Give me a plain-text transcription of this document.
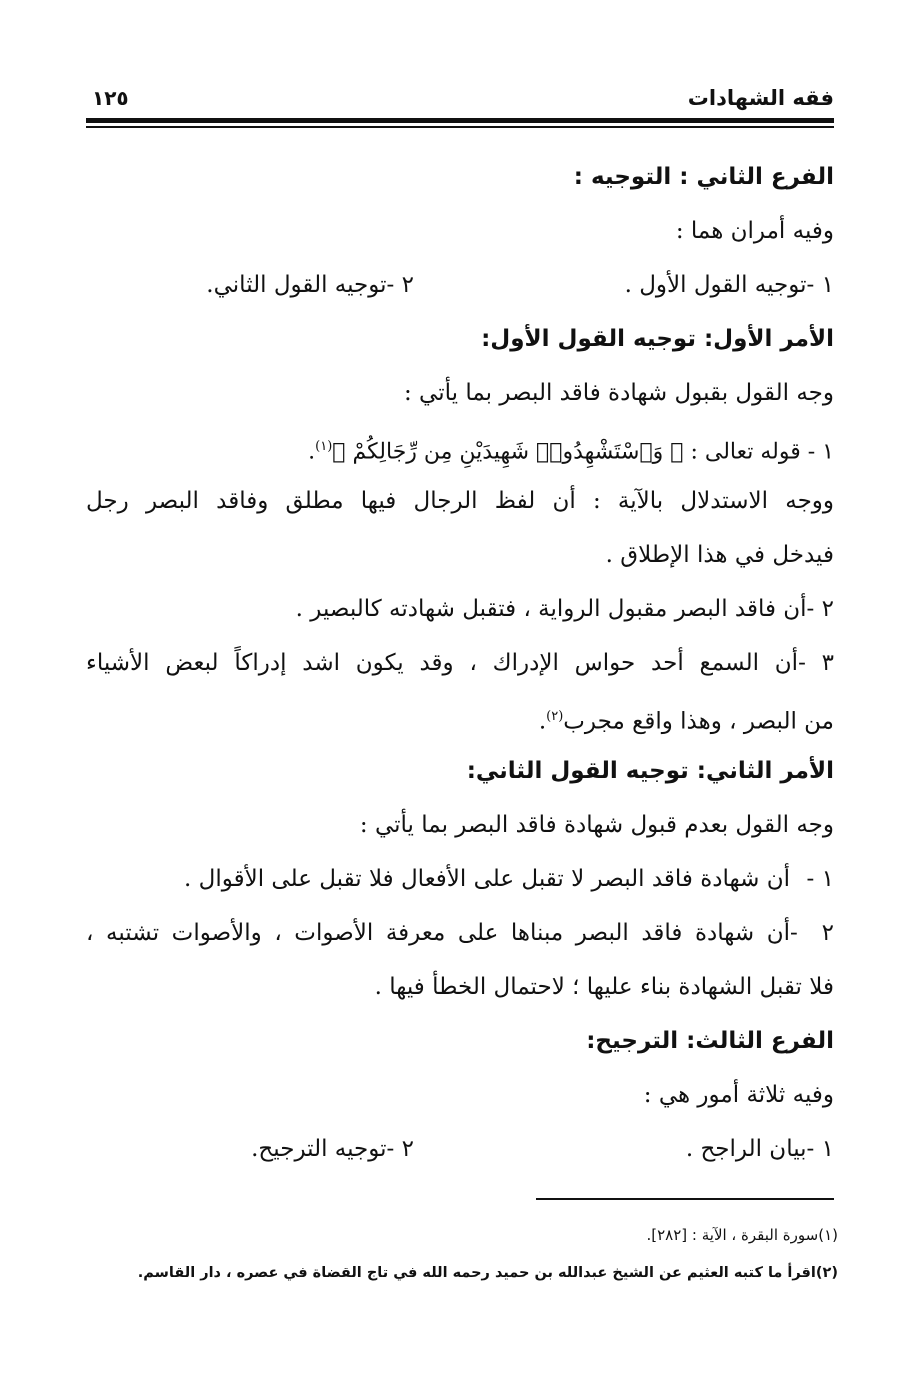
فقه الشهادات
١٢٥
الفرع الثاني : التوجيه :
وفيه أمران هما :
١ -توجيه القول الأول .
٢ -توجيه القول الثاني.
الأمر الأول: توجيه القول الأول:
وجه القول بقبول شهادة فاقد البصر بما يأتي :
١ - قوله تعالى : ﴿ وَٱسْتَشْهِدُوا۟ شَهِيدَيْنِ مِن رِّجَالِكُمْ ﴾$^{(١)}$.
ووجه الاستدلال بالآية : أن لفظ الرجال فيها مطلق وفاقد البصر رجل
فيدخل في هذا الإطلاق .
٢ -أن فاقد البصر مقبول الرواية ، فتقبل شهادته كالبصير .
٣ -أن السمع أحد حواس الإدراك ، وقد يكون اشد إدراكاً لبعض الأشياء
من البصر ، وهذا واقع مجرب$^{(٢)}$.
الأمر الثاني: توجيه القول الثاني:
وجه القول بعدم قبول شهادة فاقد البصر بما يأتي :
١ -أن شهادة فاقد البصر لا تقبل على الأفعال فلا تقبل على الأقوال .
٢ -أن شهادة فاقد البصر مبناها على معرفة الأصوات ، والأصوات تشتبه ،
فلا تقبل الشهادة بناء عليها ؛ لاحتمال الخطأ فيها .
الفرع الثالث: الترجيح:
وفيه ثلاثة أمور هي :
١ -بيان الراجح .
٢ -توجيه الترجيح.
(١)سورة البقرة ، الآية : [٢٨٢].
(٢)اقرأ ما كتبه العثيم عن الشيخ عبدالله بن حميد رحمه الله في تاج القضاة في عصره ، دار القاسم.
